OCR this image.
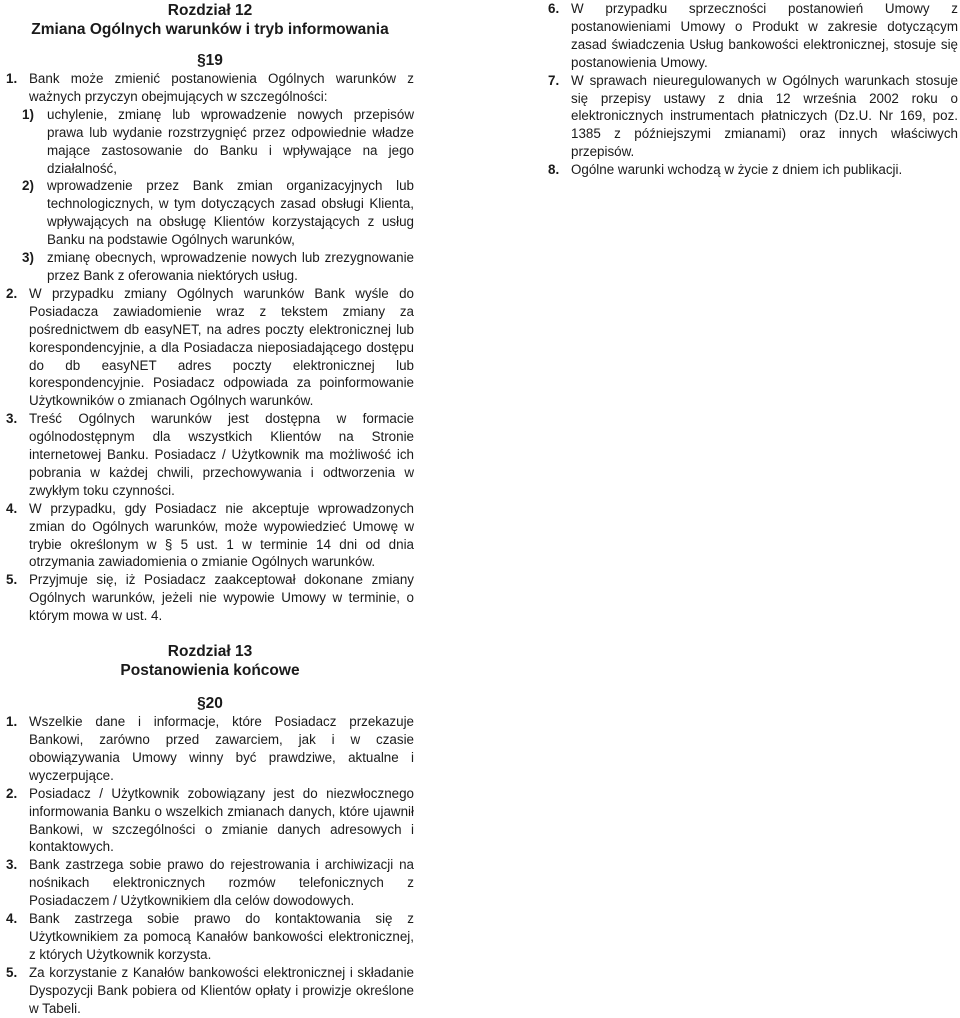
Rozdział 12
Zmiana Ogólnych warunków i tryb informowania
§19
1. Bank może zmienić postanowienia Ogólnych warunków z ważnych przyczyn obejmujących w szczególności:
1) uchylenie, zmianę lub wprowadzenie nowych przepisów prawa lub wydanie rozstrzygnięć przez odpowiednie władze mające zastosowanie do Banku i wpływające na jego działalność,
2) wprowadzenie przez Bank zmian organizacyjnych lub technologicznych, w tym dotyczących zasad obsługi Klienta, wpływających na obsługę Klientów korzystających z usług Banku na podstawie Ogólnych warunków,
3) zmianę obecnych, wprowadzenie nowych lub zrezygnowanie przez Bank z oferowania niektórych usług.
2. W przypadku zmiany Ogólnych warunków Bank wyśle do Posiadacza zawiadomienie wraz z tekstem zmiany za pośrednictwem db easyNET, na adres poczty elektronicznej lub korespondencyjnie, a dla Posiadacza nieposiadającego dostępu do db easyNET adres poczty elektronicznej lub korespondencyjnie. Posiadacz odpowiada za poinformowanie Użytkowników o zmianach Ogólnych warunków.
3. Treść Ogólnych warunków jest dostępna w formacie ogólnodostępnym dla wszystkich Klientów na Stronie internetowej Banku. Posiadacz / Użytkownik ma możliwość ich pobrania w każdej chwili, przechowywania i odtworzenia w zwykłym toku czynności.
4. W przypadku, gdy Posiadacz nie akceptuje wprowadzonych zmian do Ogólnych warunków, może wypowiedzieć Umowę w trybie określonym w § 5 ust. 1 w terminie 14 dni od dnia otrzymania zawiadomienia o zmianie Ogólnych warunków.
5. Przyjmuje się, iż Posiadacz zaakceptował dokonane zmiany Ogólnych warunków, jeżeli nie wypowie Umowy w terminie, o którym mowa w ust. 4.
Rozdział 13
Postanowienia końcowe
§20
1. Wszelkie dane i informacje, które Posiadacz przekazuje Bankowi, zarówno przed zawarciem, jak i w czasie obowiązywania Umowy winny być prawdziwe, aktualne i wyczerpujące.
2. Posiadacz / Użytkownik zobowiązany jest do niezwłocznego informowania Banku o wszelkich zmianach danych, które ujawnił Bankowi, w szczególności o zmianie danych adresowych i kontaktowych.
3. Bank zastrzega sobie prawo do rejestrowania i archiwizacji na nośnikach elektronicznych rozmów telefonicznych z Posiadaczem / Użytkownikiem dla celów dowodowych.
4. Bank zastrzega sobie prawo do kontaktowania się z Użytkownikiem za pomocą Kanałów bankowości elektronicznej, z których Użytkownik korzysta.
5. Za korzystanie z Kanałów bankowości elektronicznej i składanie Dyspozycji Bank pobiera od Klientów opłaty i prowizje określone w Tabeli.
6. W przypadku sprzeczności postanowień Umowy z postanowieniami Umowy o Produkt w zakresie dotyczącym zasad świadczenia Usług bankowości elektronicznej, stosuje się postanowienia Umowy.
7. W sprawach nieuregulowanych w Ogólnych warunkach stosuje się przepisy ustawy z dnia 12 września 2002 roku o elektronicznych instrumentach płatniczych (Dz.U. Nr 169, poz. 1385 z późniejszymi zmianami) oraz innych właściwych przepisów.
8. Ogólne warunki wchodzą w życie z dniem ich publikacji.
